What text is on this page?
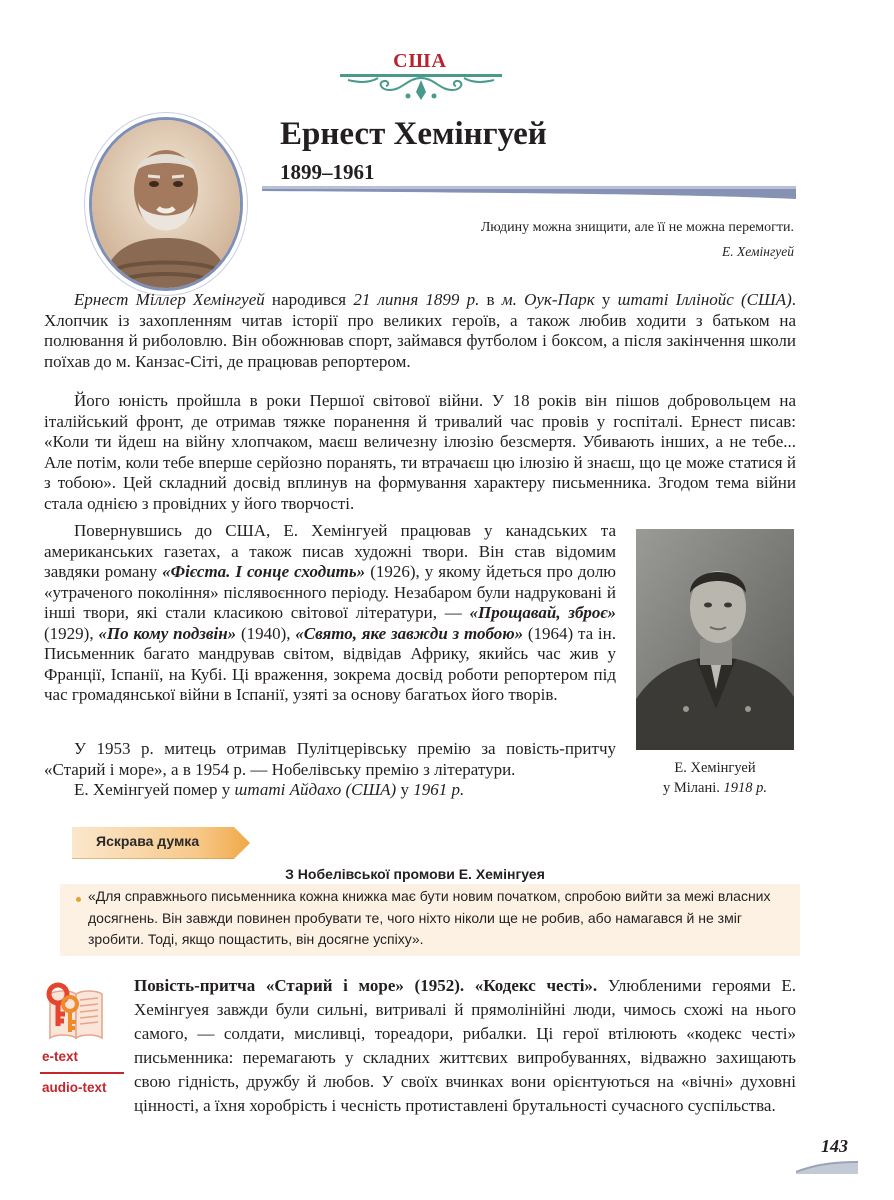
США
Ернест Хемінгуей
1899–1961
Людину можна знищити, але її не можна перемогти.
Е. Хемінгуей

Ернест Міллер Хемінгуей народився 21 липня 1899 р. в м. Оук-Парк у штаті Іллінойс (США). Хлопчик із захопленням читав історії про великих героїв, а також любив ходити з батьком на полювання й риболовлю. Він обожнював спорт, займався футболом і боксом, а після закінчення школи поїхав до м. Канзас-Сіті, де працював репортером.

Його юність пройшла в роки Першої світової війни. У 18 років він пішов добровольцем на італійський фронт, де отримав тяжке поранення й тривалий час провів у госпіталі. Ернест писав: «Коли ти йдеш на війну хлопчаком, маєш величезну ілюзію безсмертя. Убивають інших, а не тебе... Але потім, коли тебе вперше серйозно поранять, ти втрачаєш цю ілюзію й знаєш, що це може статися й з тобою». Цей складний досвід вплинув на формування характеру письменника. Згодом тема війни стала однією з провідних у його творчості.

Повернувшись до США, Е. Хемінгуей працював у канадських та американських газетах, а також писав художні твори. Він став відомим завдяки роману «Фієста. І сонце сходить» (1926), у якому йдеться про долю «утраченого покоління» післявоєнного періоду. Незабаром були надруковані й інші твори, які стали класикою світової літератури, — «Прощавай, зброє» (1929), «По кому подзвін» (1940), «Свято, яке завжди з тобою» (1964) та ін. Письменник багато мандрував світом, відвідав Африку, якийсь час жив у Франції, Іспанії, на Кубі. Ці враження, зокрема досвід роботи репортером під час громадянської війни в Іспанії, узяті за основу багатьох його творів.

У 1953 р. митець отримав Пулітцерівську премію за повість-притчу «Старий і море», а в 1954 р. — Нобелівську премію з літератури.

Е. Хемінгуей помер у штаті Айдахо (США) у 1961 р.

Е. Хемінгуей
у Мілані. 1918 р.
Яскрава думка
З Нобелівської промови Е. Хемінгуея
«Для справжнього письменника кожна книжка має бути новим початком, спробою вийти за межі власних досягнень. Він завжди повинен пробувати те, чого ніхто ніколи ще не робив, або намагався й не зміг зробити. Тоді, якщо пощастить, він досягне успіху».
e-text
audio-text

Повість-притча «Старий і море» (1952). «Кодекс честі». Улюбленими героями Е. Хемінгуея завжди були сильні, витривалі й прямолінійні люди, чимось схожі на нього самого, — солдати, мисливці, тореадори, рибалки. Ці герої втілюють «кодекс честі» письменника: перемагають у складних життєвих випробуваннях, відважно захищають свою гідність, дружбу й любов. У своїх вчинках вони орієнтуються на «вічні» духовні цінності, а їхня хоробрість і чесність протиставлені брутальності сучасного суспільства.

143
